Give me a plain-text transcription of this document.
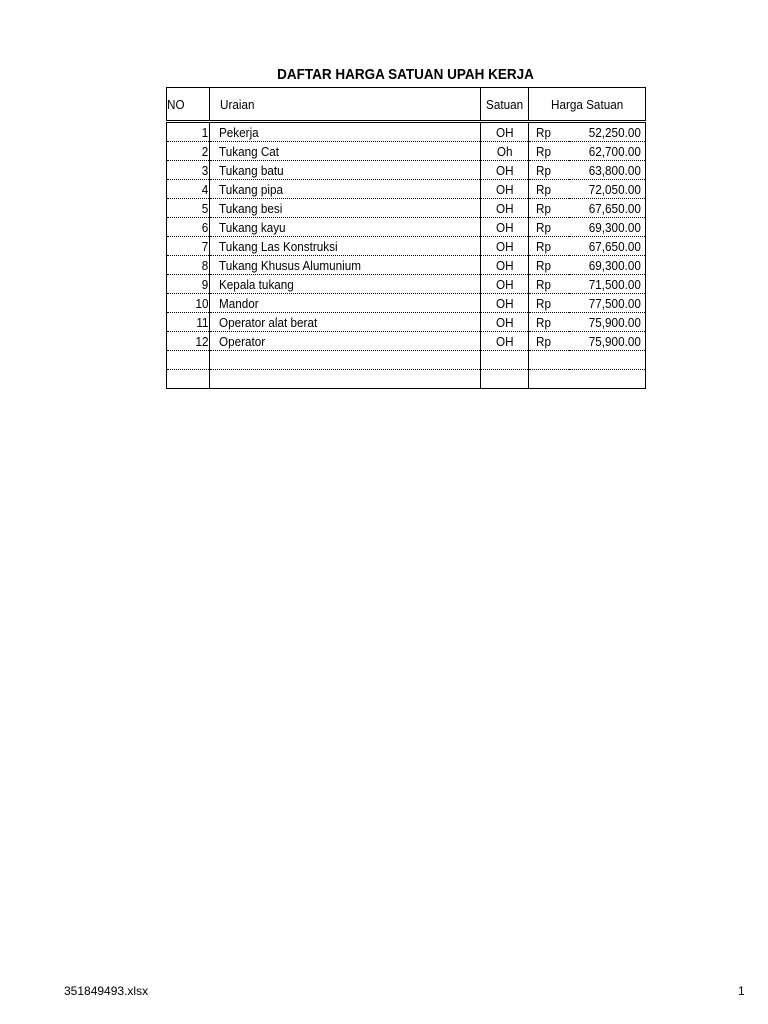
DAFTAR HARGA SATUAN UPAH KERJA
NO	Uraian	Satuan	Harga Satuan	
1	Pekerja	OH	Rp	52,250.00
2	Tukang Cat	Oh	Rp	62,700.00
3	Tukang batu	OH	Rp	63,800.00
4	Tukang pipa	OH	Rp	72,050.00
5	Tukang besi	OH	Rp	67,650.00
6	Tukang kayu	OH	Rp	69,300.00
7	Tukang Las Konstruksi	OH	Rp	67,650.00
8	Tukang Khusus Alumunium	OH	Rp	69,300.00
9	Kepala tukang	OH	Rp	71,500.00
10	Mandor	OH	Rp	77,500.00
11	Operator alat berat	OH	Rp	75,900.00
12	Operator	OH	Rp	75,900.00

351849493.xlsx	1
